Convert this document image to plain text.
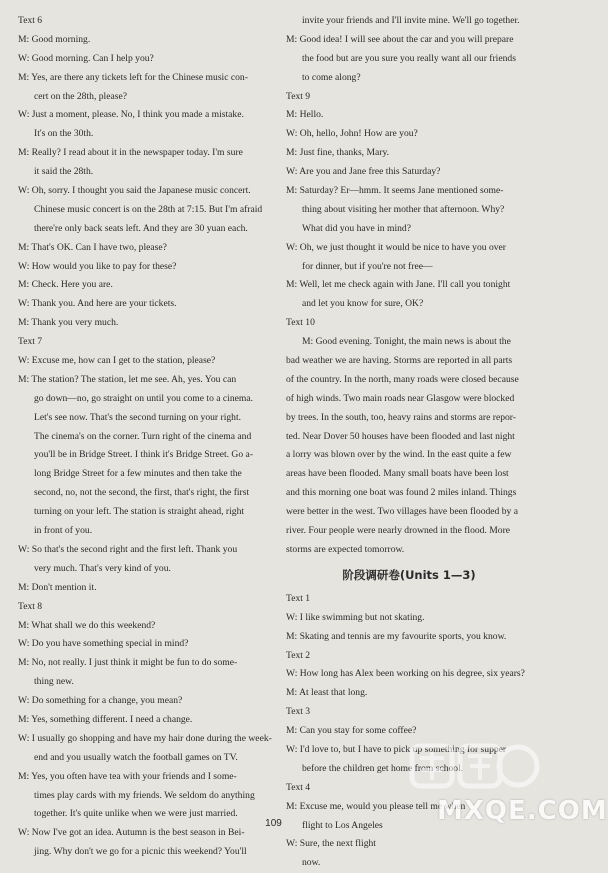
Text 6
M: Good morning.
W: Good morning. Can I help you?
M: Yes, are there any tickets left for the Chinese music con-
cert on the 28th, please?
W: Just a moment, please. No, I think you made a mistake.
It's on the 30th.
M: Really? I read about it in the newspaper today. I'm sure
it said the 28th.
W: Oh, sorry. I thought you said the Japanese music concert.
Chinese music concert is on the 28th at 7:15. But I'm afraid
there're only back seats left. And they are 30 yuan each.
M: That's OK. Can I have two, please?
W: How would you like to pay for these?
M: Check. Here you are.
W: Thank you. And here are your tickets.
M: Thank you very much.
Text 7
W: Excuse me, how can I get to the station, please?
M: The station? The station, let me see. Ah, yes. You can
go down—no, go straight on until you come to a cinema.
Let's see now. That's the second turning on your right.
The cinema's on the corner. Turn right of the cinema and
you'll be in Bridge Street. I think it's Bridge Street. Go a-
long Bridge Street for a few minutes and then take the
second, no, not the second, the first, that's right, the first
turning on your left. The station is straight ahead, right
in front of you.
W: So that's the second right and the first left. Thank you
very much. That's very kind of you.
M: Don't mention it.
Text 8
M: What shall we do this weekend?
W: Do you have something special in mind?
M: No, not really. I just think it might be fun to do some-
thing new.
W: Do something for a change, you mean?
M: Yes, something different. I need a change.
W: I usually go shopping and have my hair done during the week-
end and you usually watch the football games on TV.
M: Yes, you often have tea with your friends and I some-
times play cards with my friends. We seldom do anything
together. It's quite unlike when we were just married.
W: Now I've got an idea. Autumn is the best season in Bei-
jing. Why don't we go for a picnic this weekend? You'll
invite your friends and I'll invite mine. We'll go together.
M: Good idea! I will see about the car and you will prepare
the food but are you sure you really want all our friends
to come along?
Text 9
M: Hello.
W: Oh, hello, John! How are you?
M: Just fine, thanks, Mary.
W: Are you and Jane free this Saturday?
M: Saturday? Er—hmm. It seems Jane mentioned some-
thing about visiting her mother that afternoon. Why?
What did you have in mind?
W: Oh, we just thought it would be nice to have you over
for dinner, but if you're not free—
M: Well, let me check again with Jane. I'll call you tonight
and let you know for sure, OK?
Text 10
M: Good evening. Tonight, the main news is about the
bad weather we are having. Storms are reported in all parts
of the country. In the north, many roads were closed because
of high winds. Two main roads near Glasgow were blocked
by trees. In the south, too, heavy rains and storms are repor-
ted. Near Dover 50 houses have been flooded and last night
a lorry was blown over by the wind. In the east quite a few
areas have been flooded. Many small boats have been lost
and this morning one boat was found 2 miles inland. Things
were better in the west. Two villages have been flooded by a
river. Four people were nearly drowned in the flood. More
storms are expected tomorrow.
阶段调研卷(Units 1—3)
Text 1
W: I like swimming but not skating.
M: Skating and tennis are my favourite sports, you know.
Text 2
W: How long has Alex been working on his degree, six years?
M: At least that long.
Text 3
M: Can you stay for some coffee?
W: I'd love to, but I have to pick up something for supper
before the children get home from school.
Text 4
M: Excuse me, would you please tell me when
flight to Los Angeles
W: Sure, the next flight
now.
109	MXQE.COM
